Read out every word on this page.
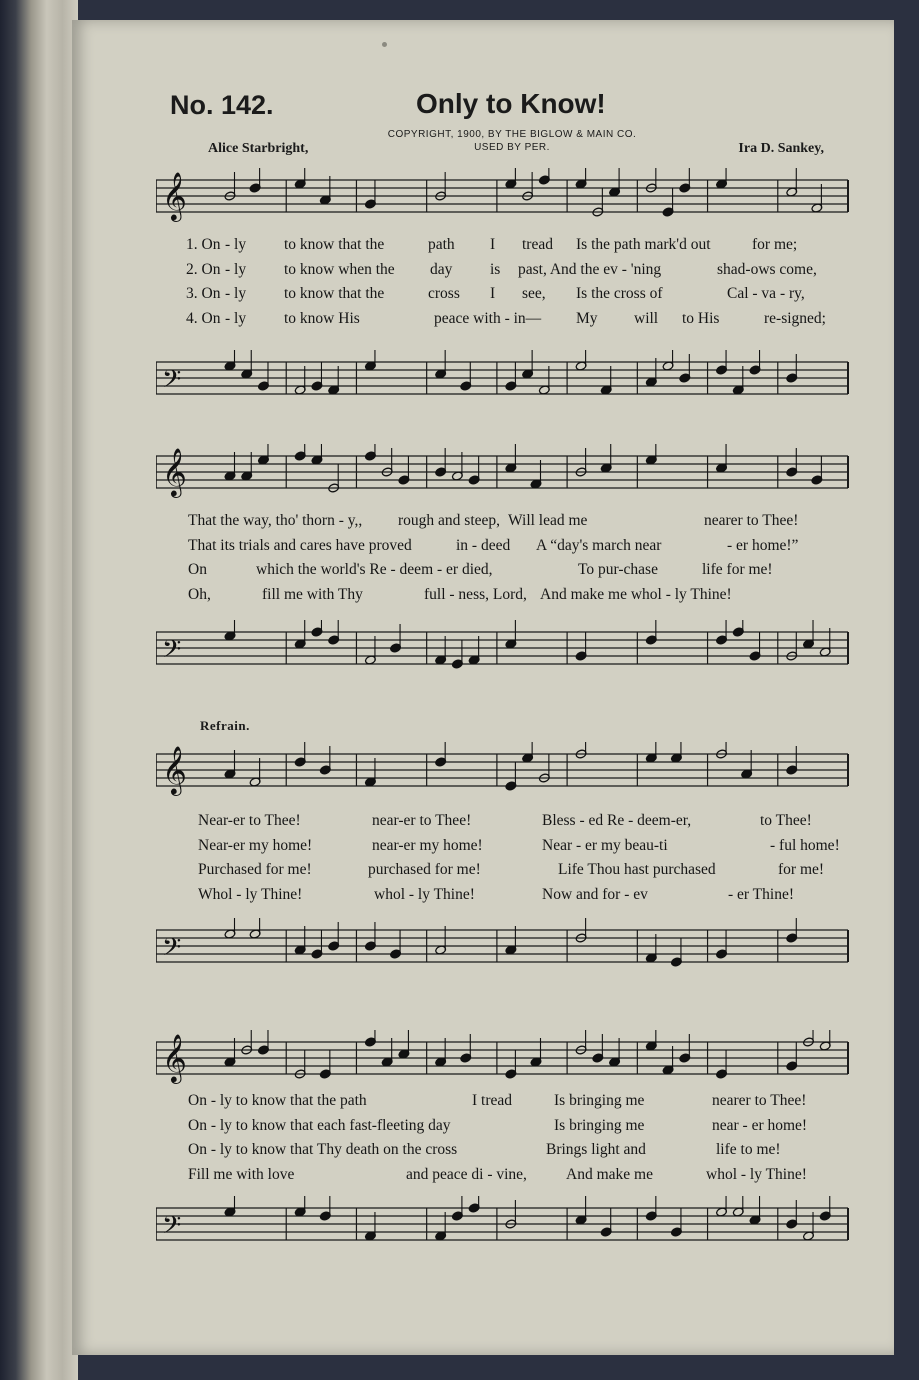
No. 142.	Only to Know!
COPYRIGHT, 1900, BY THE BIGLOW & MAIN CO.
USED BY PER.
Alice Starbright,	Ira D. Sankey,
𝄞
1. On - ly to know that the	path I tread Is the path mark'd out	for me;
2. On - ly to know when the day is past, And the ev - 'ning	shad-ows come,
3. On - ly to know that the	cross I see, Is the cross of	Cal - va - ry,
4. On - ly to know His	peace with - in— My will to His	re-signed;
𝄢
𝄞
That the way, tho' thorn - y,, rough and steep, Will lead me	nearer to Thee!
That its trials and cares have proved	in - deed A “day's march near	- er home!”
On	which the world's Re - deem - er died,	To pur-chase	life for me!
Oh,	fill me with Thy	full - ness, Lord, And make me whol - ly Thine!
𝄢
Refrain.
𝄞
Near-er to Thee!	near-er to Thee!	Bless - ed Re - deem-er,	to Thee!
Near-er my home!	near-er my home!	Near - er my beau-ti	- ful home!
Purchased for me!	purchased for me!	Life Thou hast purchased	for me!
Whol - ly Thine!	whol - ly Thine!	Now and for - ev	- er Thine!
𝄢
𝄞
On - ly to know that the path	I tread	Is bringing me	nearer to Thee!
On - ly to know that each fast-fleeting day	Is bringing me	near - er home!
On - ly to know that Thy death on the cross	Brings light and	life to me!
Fill me with love	and peace di - vine,	And make me	whol - ly Thine!
𝄢
